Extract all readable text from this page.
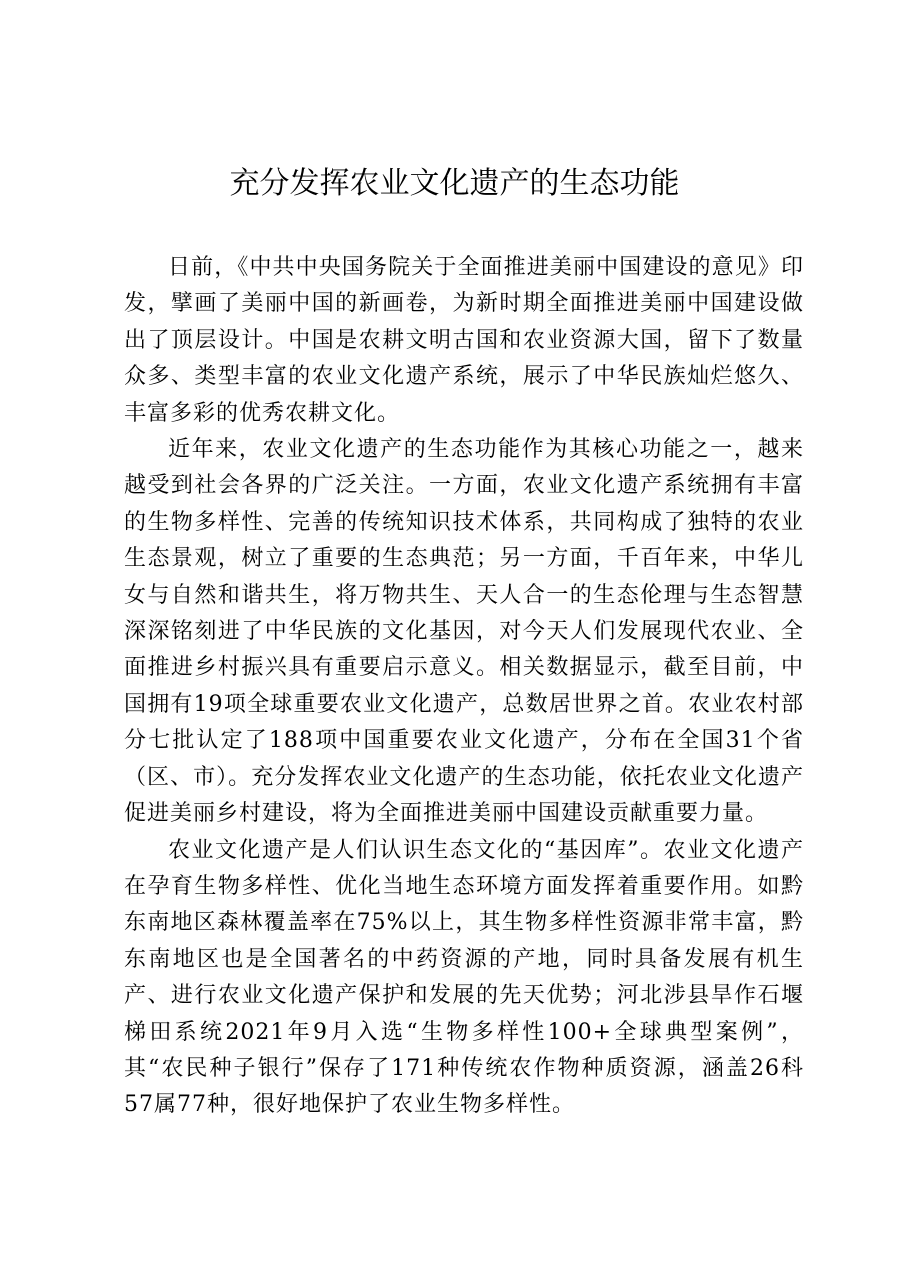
充分发挥农业文化遗产的生态功能

日前，《中共中央国务院关于全面推进美丽中国建设的意见》印发，擘画了美丽中国的新画卷，为新时期全面推进美丽中国建设做出了顶层设计。中国是农耕文明古国和农业资源大国，留下了数量众多、类型丰富的农业文化遗产系统，展示了中华民族灿烂悠久、丰富多彩的优秀农耕文化。

近年来，农业文化遗产的生态功能作为其核心功能之一，越来越受到社会各界的广泛关注。一方面，农业文化遗产系统拥有丰富的生物多样性、完善的传统知识技术体系，共同构成了独特的农业生态景观，树立了重要的生态典范；另一方面，千百年来，中华儿女与自然和谐共生，将万物共生、天人合一的生态伦理与生态智慧深深铭刻进了中华民族的文化基因，对今天人们发展现代农业、全面推进乡村振兴具有重要启示意义。相关数据显示，截至目前，中国拥有19项全球重要农业文化遗产，总数居世界之首。农业农村部分七批认定了188项中国重要农业文化遗产，分布在全国31个省（区、市）。充分发挥农业文化遗产的生态功能，依托农业文化遗产促进美丽乡村建设，将为全面推进美丽中国建设贡献重要力量。

农业文化遗产是人们认识生态文化的“基因库”。农业文化遗产在孕育生物多样性、优化当地生态环境方面发挥着重要作用。如黔东南地区森林覆盖率在75%以上，其生物多样性资源非常丰富，黔东南地区也是全国著名的中药资源的产地，同时具备发展有机生产、进行农业文化遗产保护和发展的先天优势；河北涉县旱作石堰梯田系统2021年9月入选“生物多样性100+全球典型案例”，其“农民种子银行”保存了171种传统农作物种质资源，涵盖26科57属77种，很好地保护了农业生物多样性。
